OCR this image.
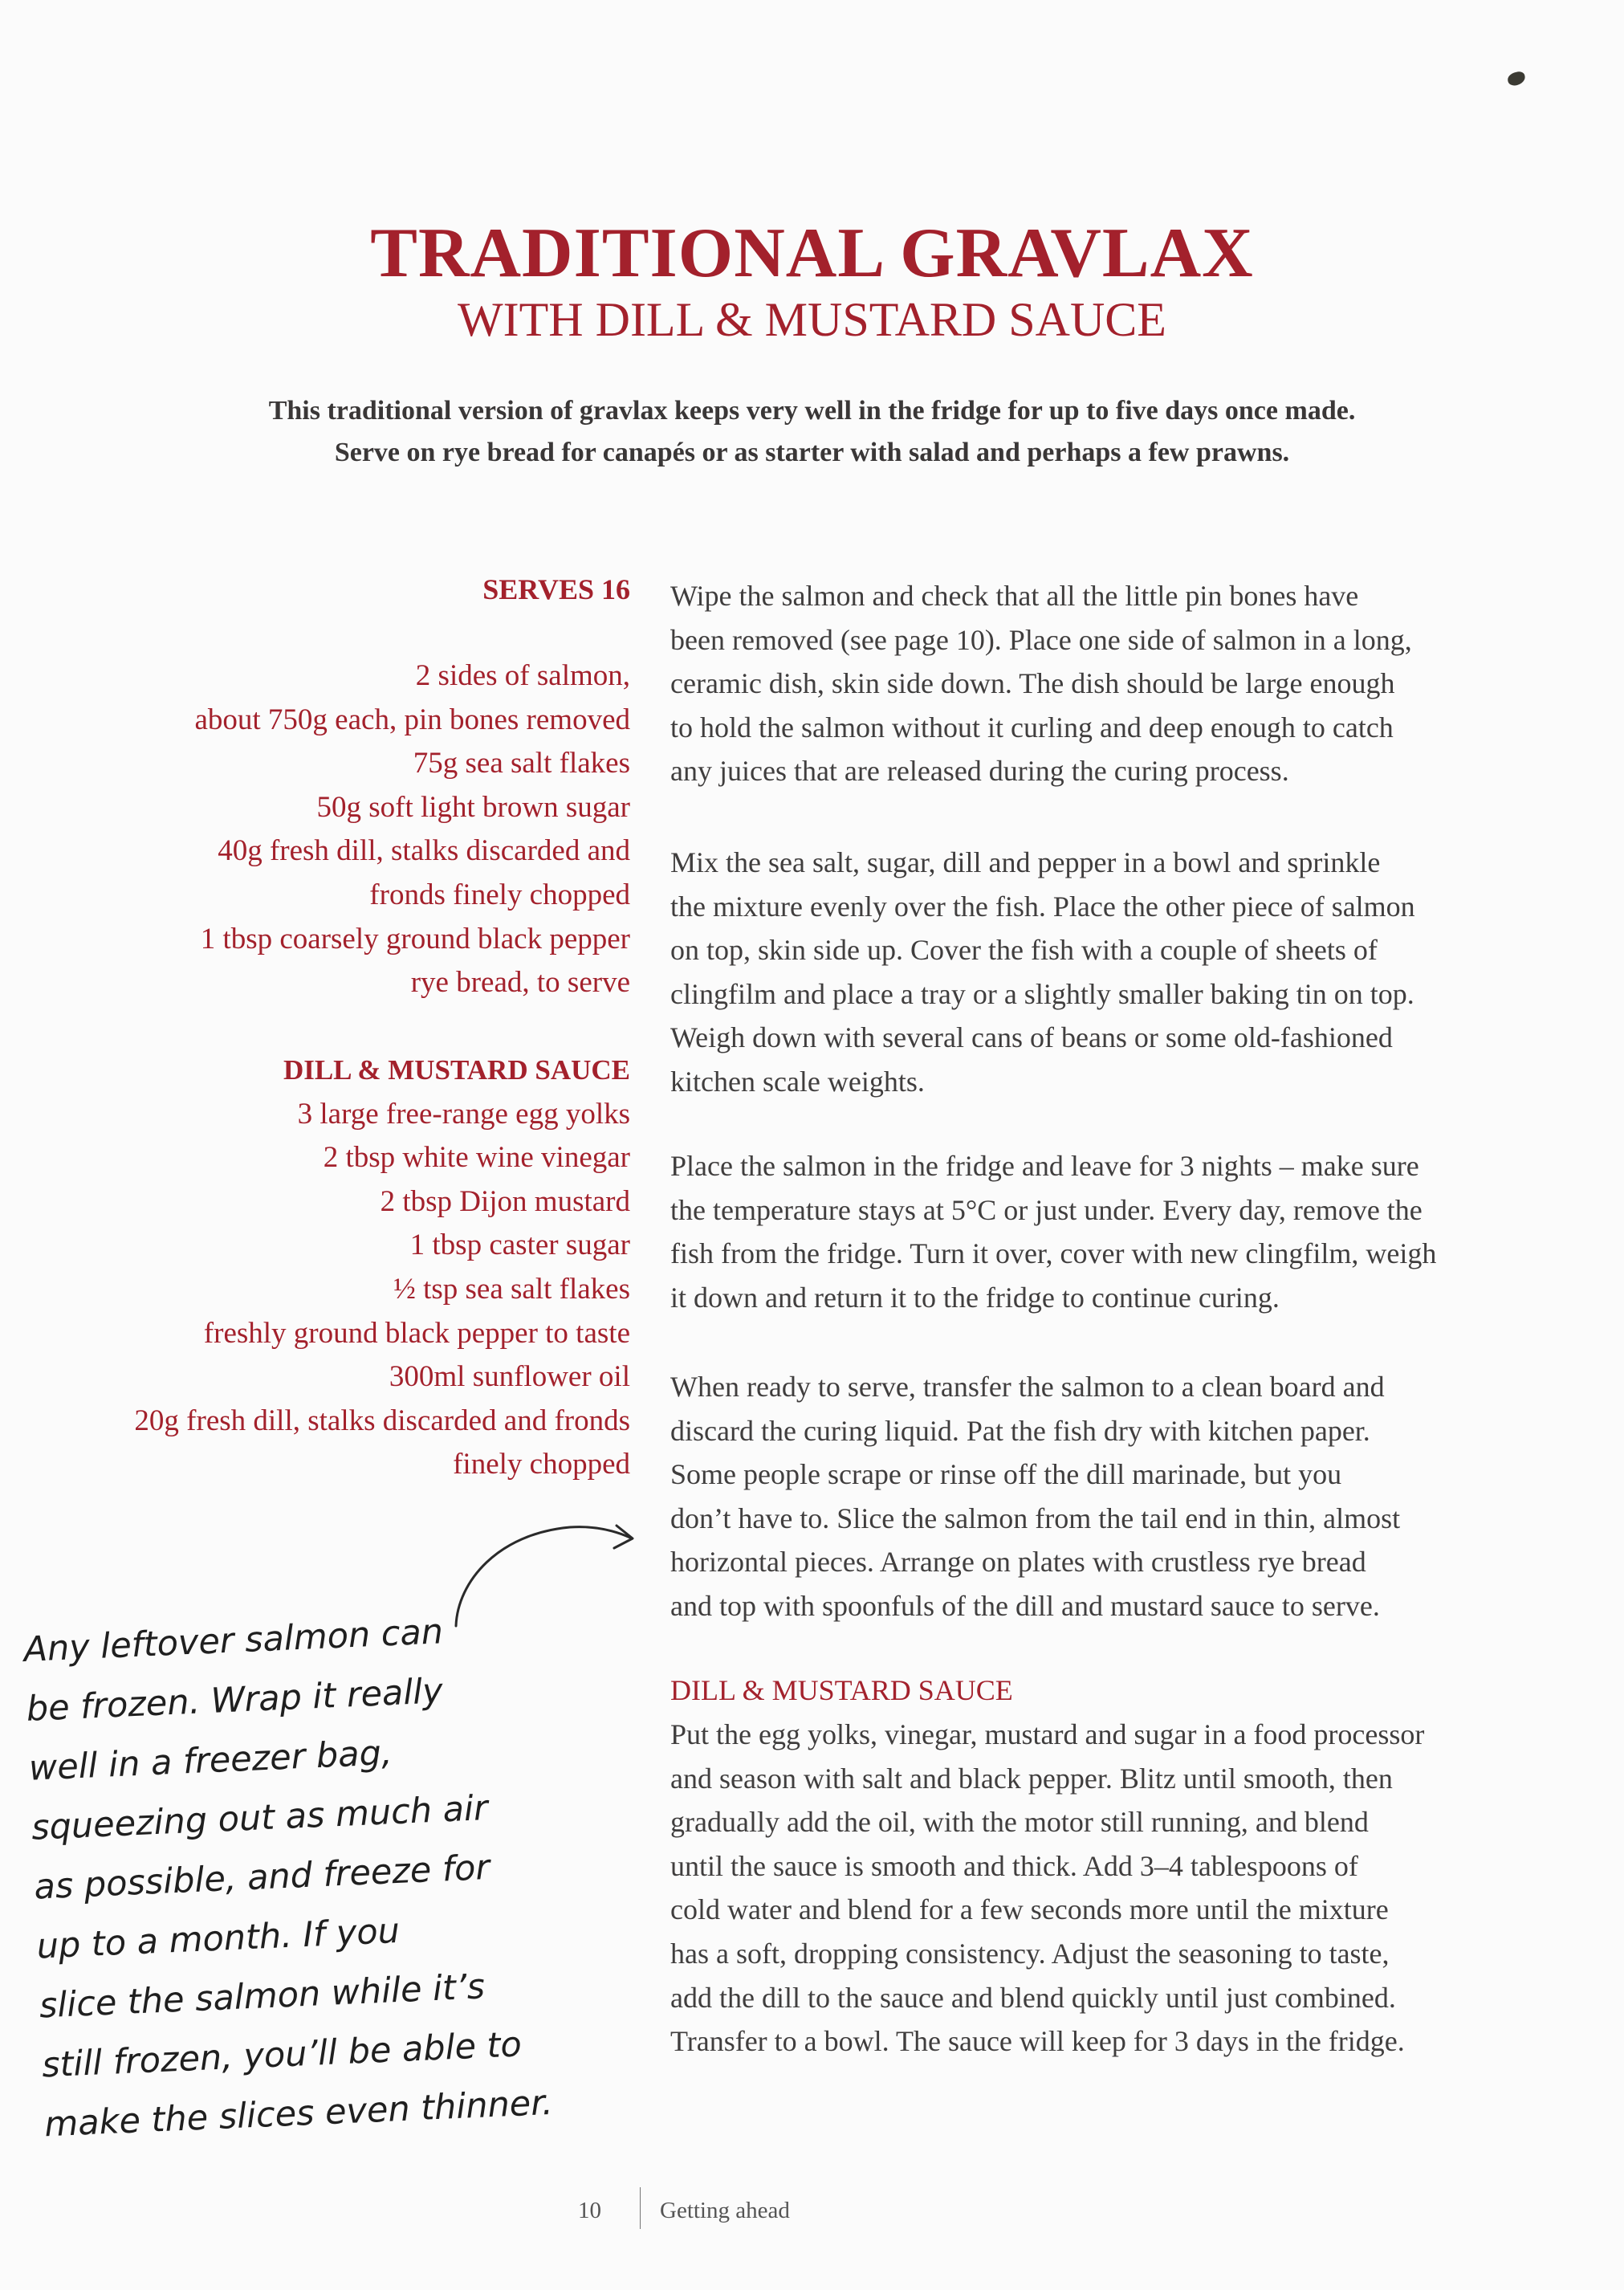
TRADITIONAL GRAVLAX
WITH DILL & MUSTARD SAUCE
This traditional version of gravlax keeps very well in the fridge for up to five days once made.
Serve on rye bread for canapés or as starter with salad and perhaps a few prawns.
SERVES 16
2 sides of salmon,
about 750g each, pin bones removed
75g sea salt flakes
50g soft light brown sugar
40g fresh dill, stalks discarded and
fronds finely chopped
1 tbsp coarsely ground black pepper
rye bread, to serve
DILL & MUSTARD SAUCE
3 large free-range egg yolks
2 tbsp white wine vinegar
2 tbsp Dijon mustard
1 tbsp caster sugar
½ tsp sea salt flakes
freshly ground black pepper to taste
300ml sunflower oil
20g fresh dill, stalks discarded and fronds
finely chopped
Wipe the salmon and check that all the little pin bones have
been removed (see page 10). Place one side of salmon in a long,
ceramic dish, skin side down. The dish should be large enough
to hold the salmon without it curling and deep enough to catch
any juices that are released during the curing process.
Mix the sea salt, sugar, dill and pepper in a bowl and sprinkle
the mixture evenly over the fish. Place the other piece of salmon
on top, skin side up. Cover the fish with a couple of sheets of
clingfilm and place a tray or a slightly smaller baking tin on top.
Weigh down with several cans of beans or some old-fashioned
kitchen scale weights.
Place the salmon in the fridge and leave for 3 nights – make sure
the temperature stays at 5°C or just under. Every day, remove the
fish from the fridge. Turn it over, cover with new clingfilm, weigh
it down and return it to the fridge to continue curing.
When ready to serve, transfer the salmon to a clean board and
discard the curing liquid. Pat the fish dry with kitchen paper.
Some people scrape or rinse off the dill marinade, but you
don’t have to. Slice the salmon from the tail end in thin, almost
horizontal pieces. Arrange on plates with crustless rye bread
and top with spoonfuls of the dill and mustard sauce to serve.
DILL & MUSTARD SAUCE
Put the egg yolks, vinegar, mustard and sugar in a food processor
and season with salt and black pepper. Blitz until smooth, then
gradually add the oil, with the motor still running, and blend
until the sauce is smooth and thick. Add 3–4 tablespoons of
cold water and blend for a few seconds more until the mixture
has a soft, dropping consistency. Adjust the seasoning to taste,
add the dill to the sauce and blend quickly until just combined.
Transfer to a bowl. The sauce will keep for 3 days in the fridge.
Any leftover salmon can
be frozen. Wrap it really
well in a freezer bag,
squeezing out as much air
as possible, and freeze for
up to a month. If you
slice the salmon while it’s
still frozen, you’ll be able to
make the slices even thinner.
10	Getting ahead
